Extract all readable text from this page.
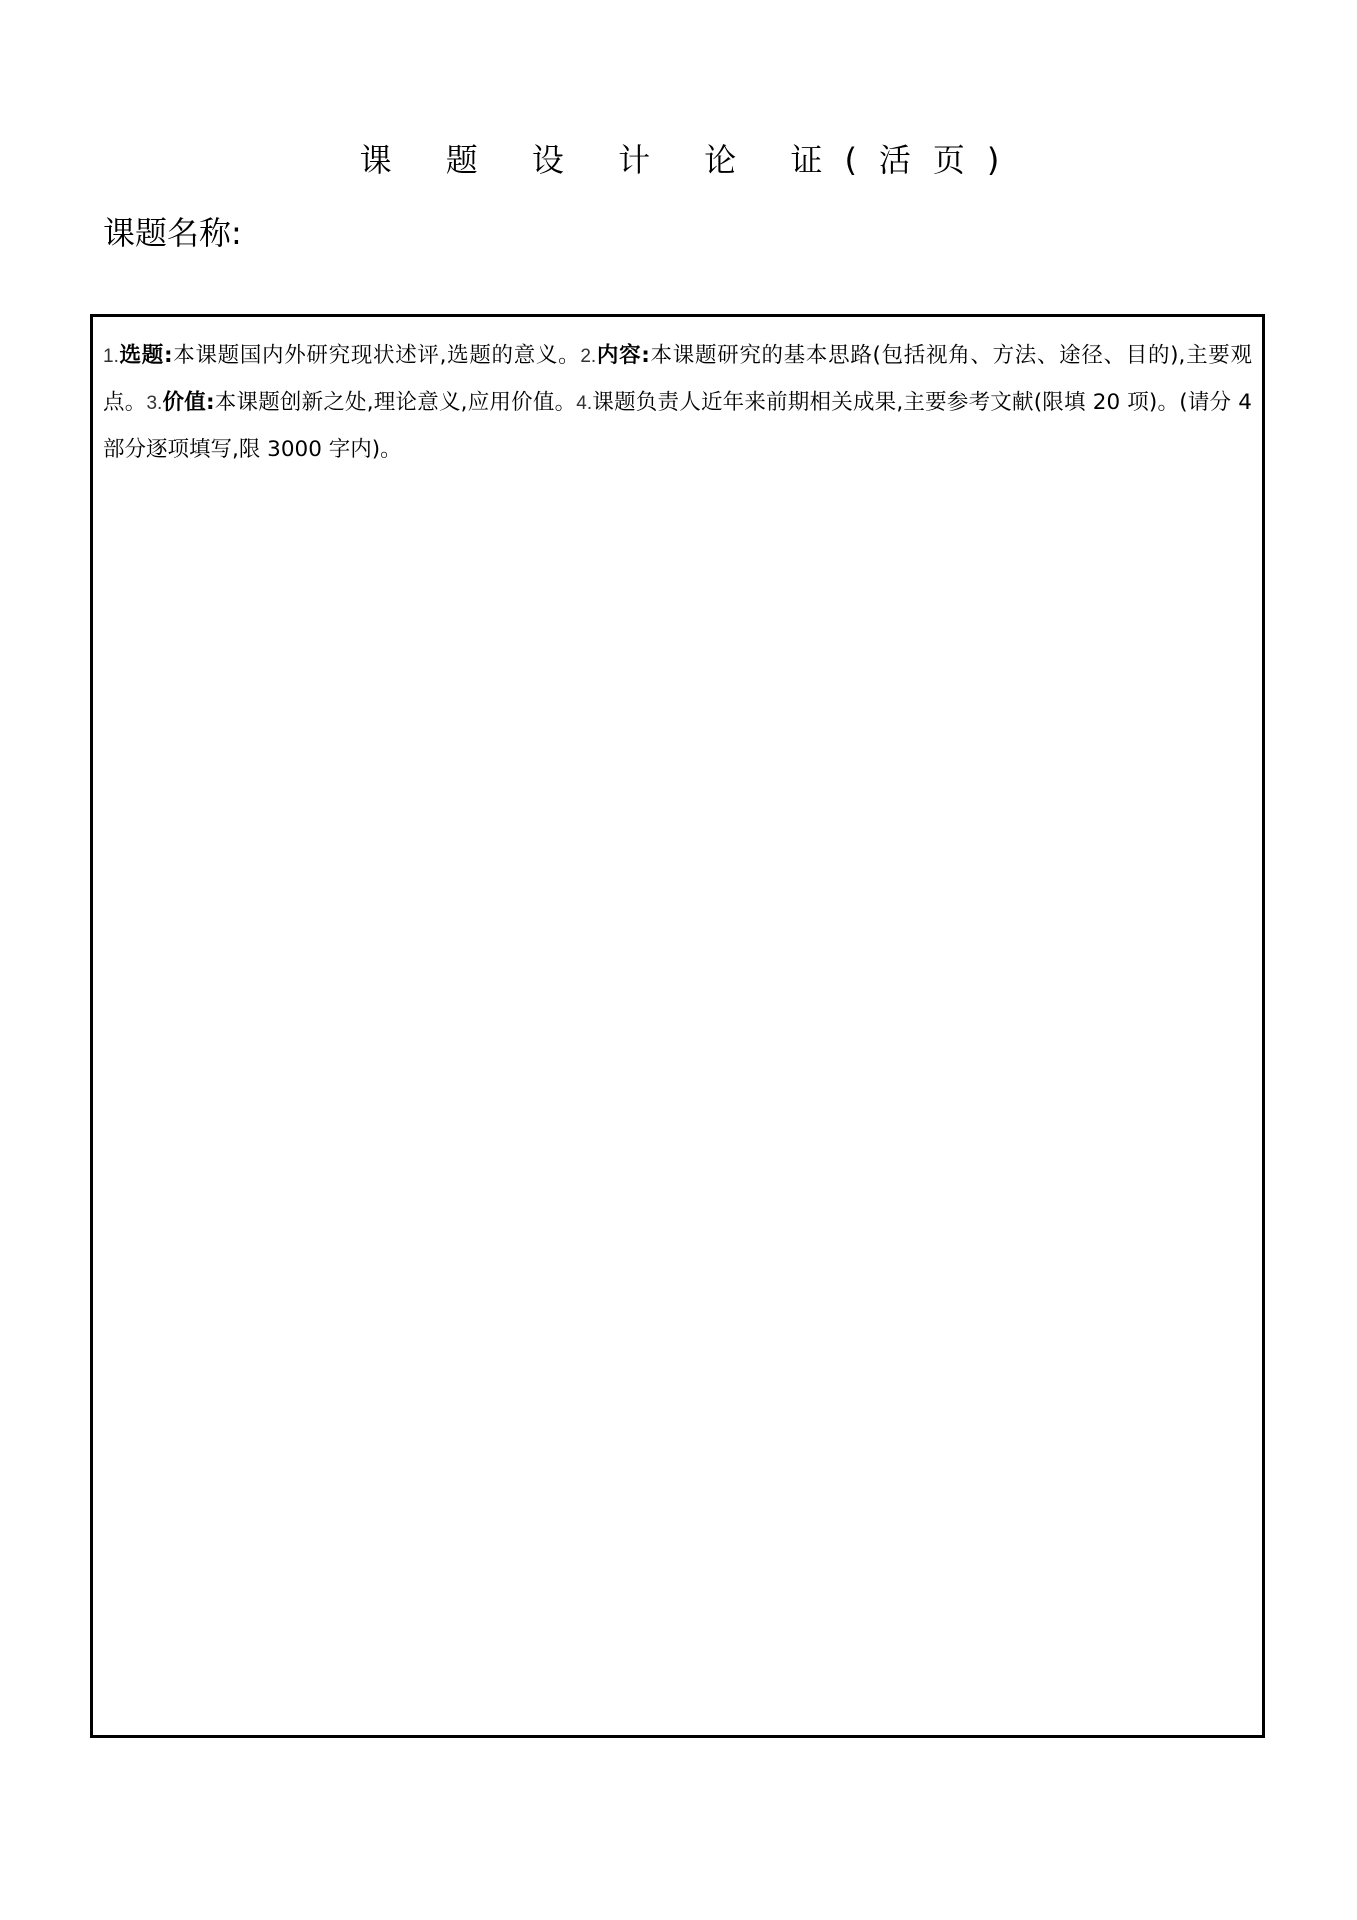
课 题 设 计 论 证(活页)
课题名称:
1.选题:本课题国内外研究现状述评,选题的意义。2.内容:本课题研究的基本思路(包括视角、方法、途径、目的),主要观点。3.价值:本课题创新之处,理论意义,应用价值。4.课题负责人近年来前期相关成果,主要参考文献(限填 20 项)。(请分 4 部分逐项填写,限 3000 字内)。
